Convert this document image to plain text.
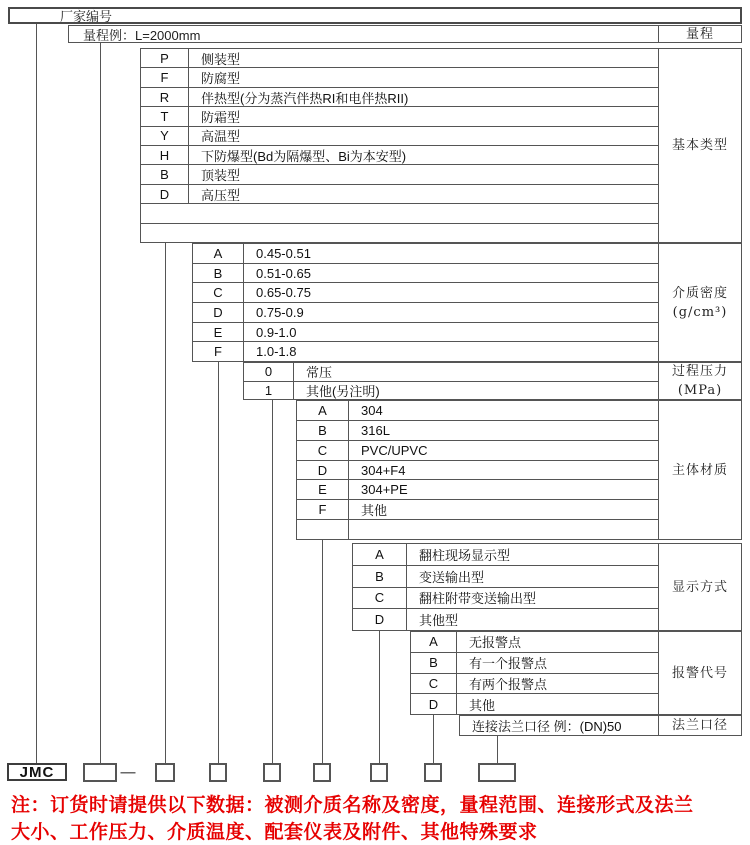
厂家编号
量程例：L=2000mm	量程
P	侧装型
F	防腐型
R	伴热型(分为蒸汽伴热RI和电伴热RII)
T	防霜型
Y	高温型
H	下防爆型(Bd为隔爆型、Bi为本安型)
B	顶装型
D	高压型
基本类型
A	0.45-0.51
B	0.51-0.65
C	0.65-0.75
D	0.75-0.9
E	0.9-1.0
F	1.0-1.8
介质密度
(g/cm³)
0	常压
1	其他(另注明)
过程压力
(MPa)
A	304
B	316L
C	PVC/UPVC
D	304+F4
E	304+PE
F	其他
主体材质
A	翻柱现场显示型
B	变送输出型
C	翻柱附带变送输出型
D	其他型
显示方式
A	无报警点
B	有一个报警点
C	有两个报警点
D	其他
报警代号
连接法兰口径 例：(DN)50	法兰口径
JMC	—
注：订货时请提供以下数据：被测介质名称及密度，量程范围、连接形式及法兰
大小、工作压力、介质温度、配套仪表及附件、其他特殊要求
